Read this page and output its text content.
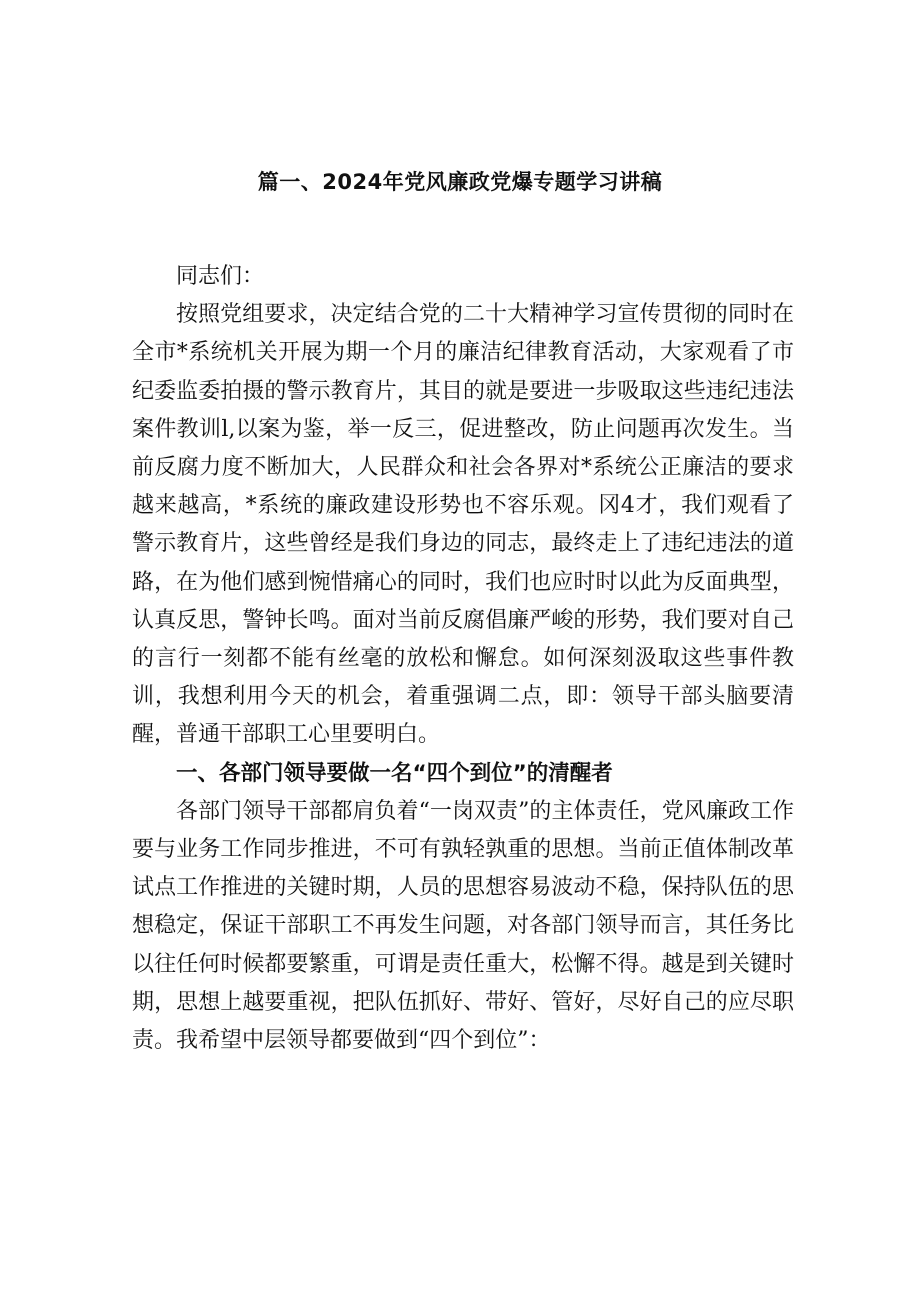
篇一、2024年党风廉政党爆专题学习讲稿

同志们：

按照党组要求，决定结合党的二十大精神学习宣传贯彻的同时在全市*系统机关开展为期一个月的廉洁纪律教育活动，大家观看了市纪委监委拍摄的警示教育片，其目的就是要进一步吸取这些违纪违法案件教训l,以案为鉴，举一反三，促进整改，防止问题再次发生。当前反腐力度不断加大，人民群众和社会各界对*系统公正廉洁的要求越来越高，*系统的廉政建设形势也不容乐观。冈4才，我们观看了警示教育片，这些曾经是我们身边的同志，最终走上了违纪违法的道路，在为他们感到惋惜痛心的同时，我们也应时时以此为反面典型，认真反思，警钟长鸣。面对当前反腐倡廉严峻的形势，我们要对自己的言行一刻都不能有丝毫的放松和懈怠。如何深刻汲取这些事件教训，我想利用今天的机会，着重强调二点，即：领导干部头脑要清醒，普通干部职工心里要明白。

一、各部门领导要做一名“四个到位”的清醒者

各部门领导干部都肩负着“一岗双责”的主体责任，党风廉政工作要与业务工作同步推进，不可有孰轻孰重的思想。当前正值体制改革试点工作推进的关键时期，人员的思想容易波动不稳，保持队伍的思想稳定，保证干部职工不再发生问题，对各部门领导而言，其任务比以往任何时候都要繁重，可谓是责任重大，松懈不得。越是到关键时期，思想上越要重视，把队伍抓好、带好、管好，尽好自己的应尽职责。我希望中层领导都要做到“四个到位”：
